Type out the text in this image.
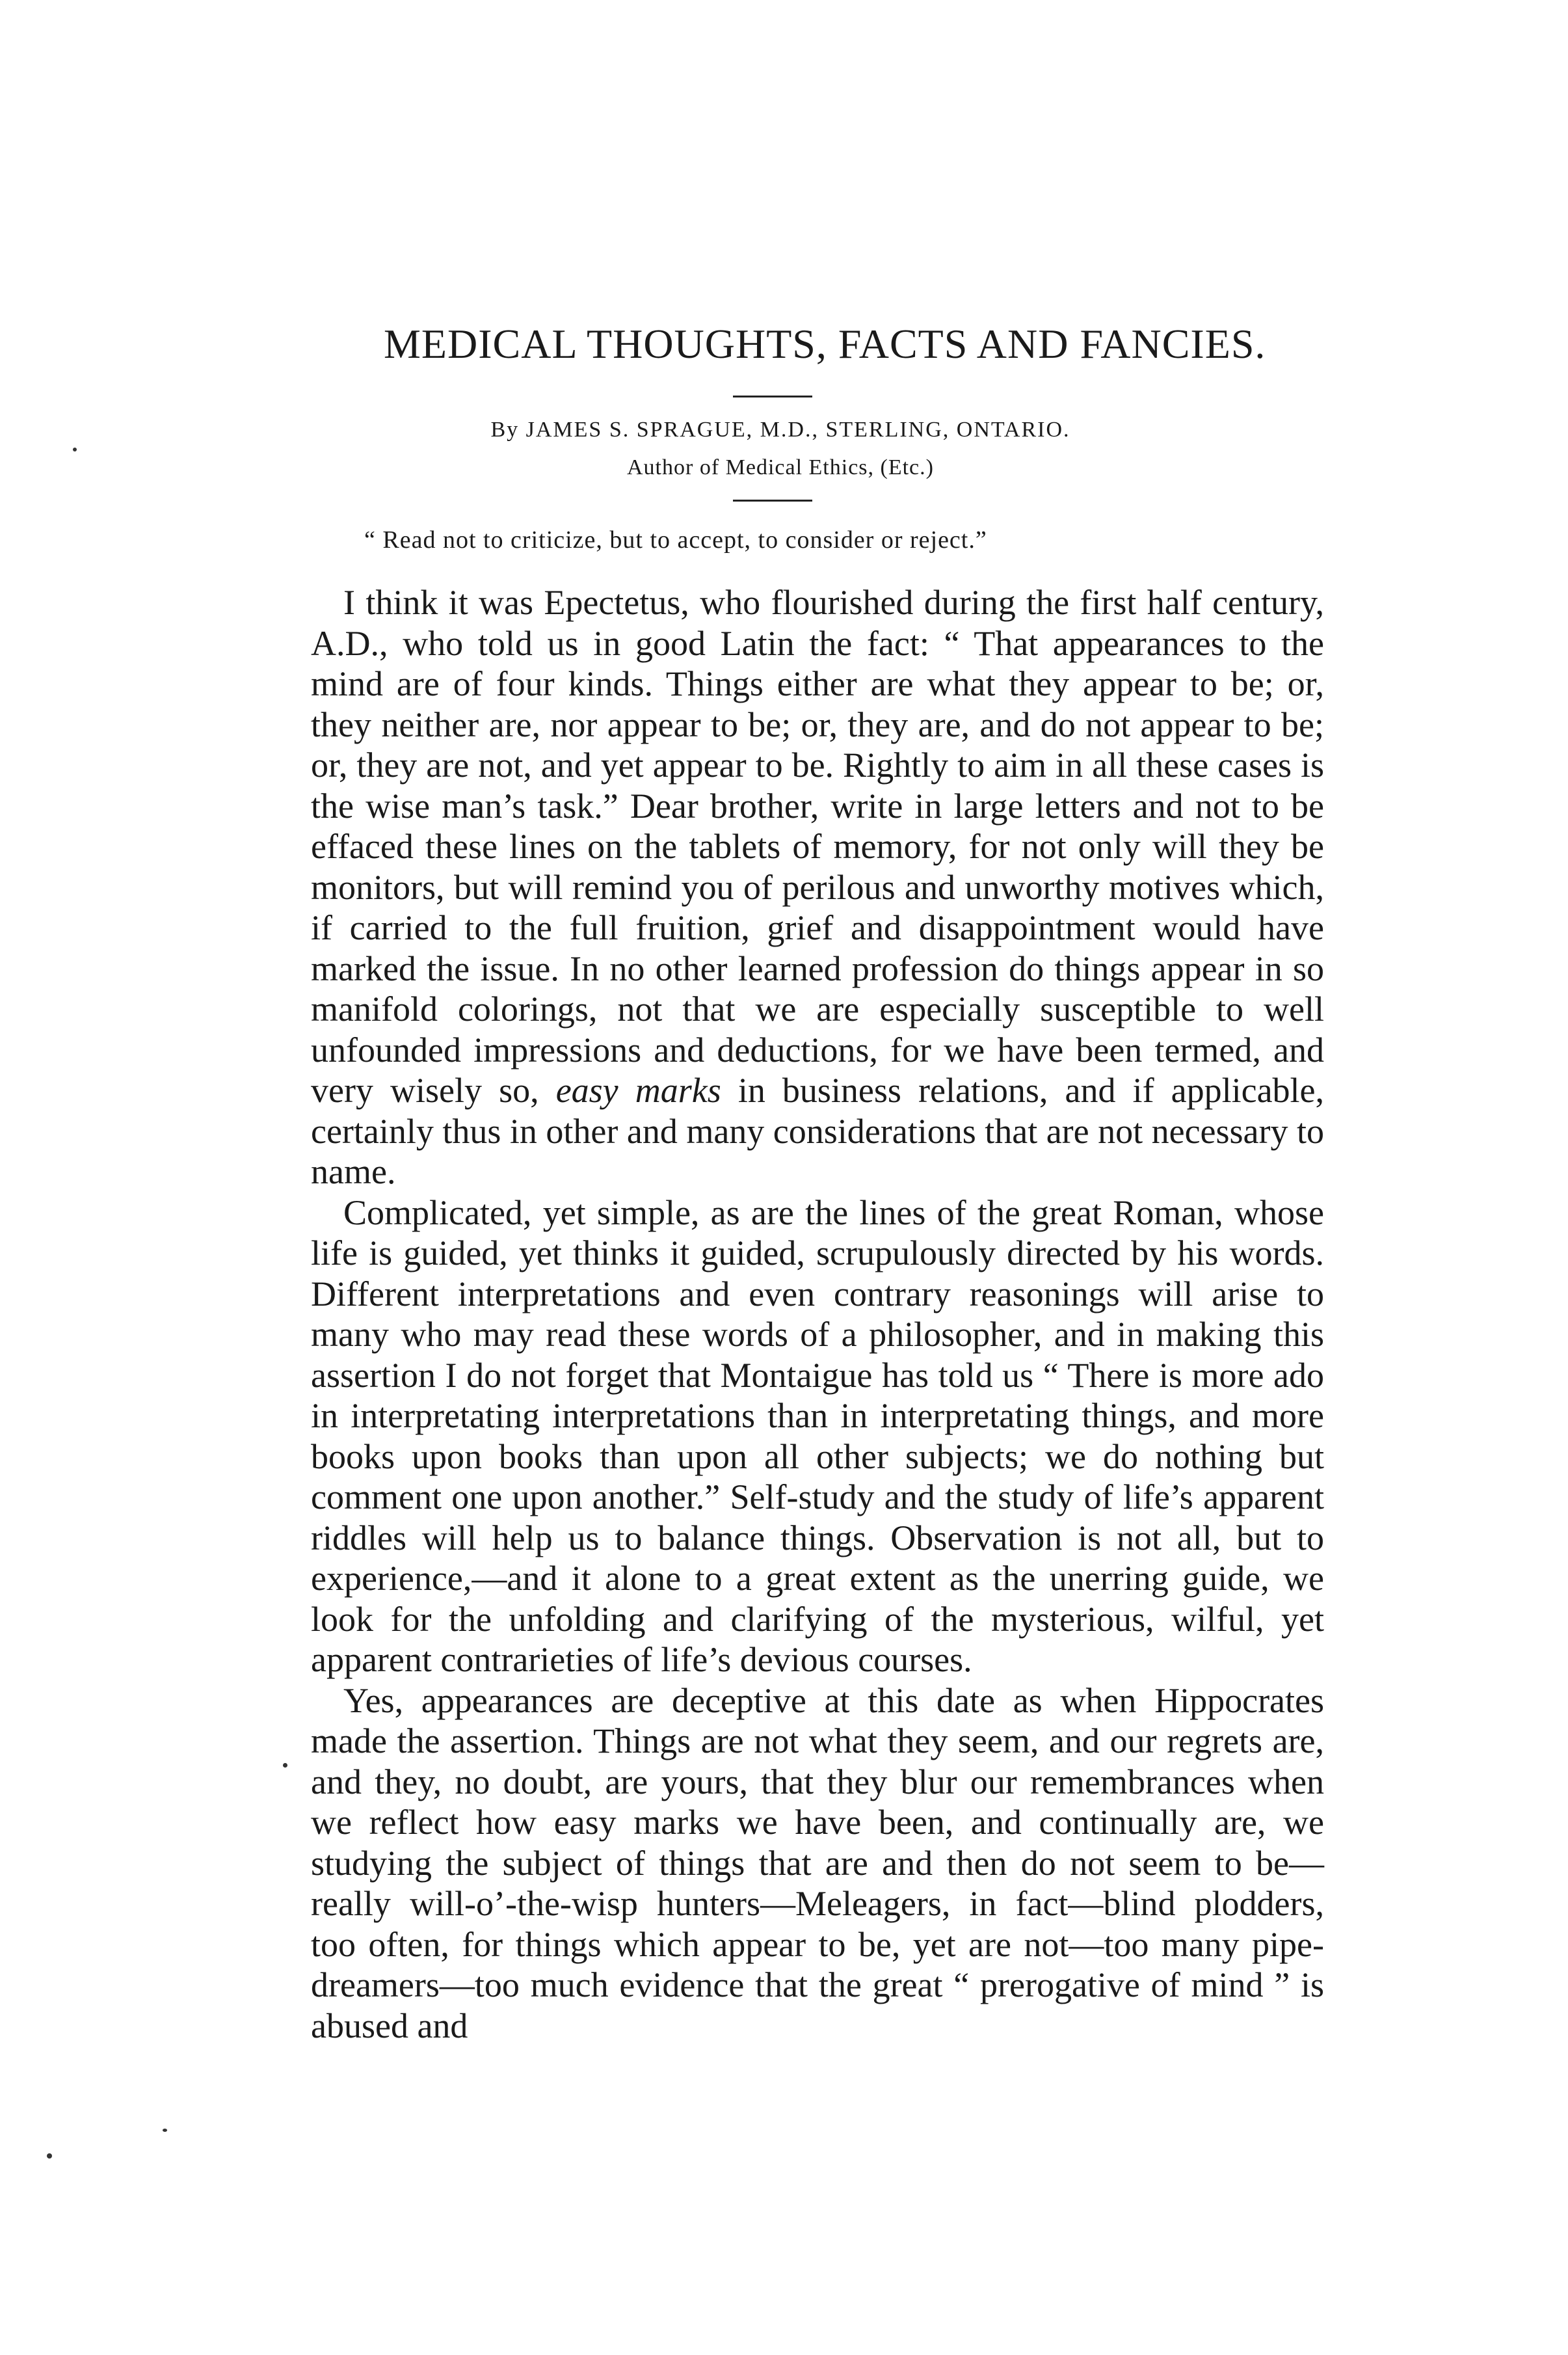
MEDICAL THOUGHTS, FACTS AND FANCIES.
By JAMES S. SPRAGUE, M.D., STERLING, ONTARIO.
Author of Medical Ethics, (Etc.)
“ Read not to criticize, but to accept, to consider or reject.”

I think it was Epectetus, who flourished during the first half century, A.D., who told us in good Latin the fact: “ That appearances to the mind are of four kinds. Things either are what they appear to be; or, they neither are, nor appear to be; or, they are, and do not appear to be; or, they are not, and yet appear to be. Rightly to aim in all these cases is the wise man’s task.” Dear brother, write in large letters and not to be effaced these lines on the tablets of memory, for not only will they be monitors, but will remind you of perilous and unworthy motives which, if carried to the full fruition, grief and disappointment would have marked the issue. In no other learned profession do things appear in so manifold colorings, not that we are especially susceptible to well unfounded impressions and deductions, for we have been termed, and very wisely so, easy marks in business relations, and if applicable, certainly thus in other and many considerations that are not necessary to name.

Complicated, yet simple, as are the lines of the great Roman, whose life is guided, yet thinks it guided, scrupulously directed by his words. Different interpretations and even contrary reasonings will arise to many who may read these words of a philosopher, and in making this assertion I do not forget that Montaigue has told us “ There is more ado in interpretating interpretations than in interpretating things, and more books upon books than upon all other subjects; we do nothing but comment one upon another.” Self-study and the study of life’s apparent riddles will help us to balance things. Observation is not all, but to experience,—and it alone to a great extent as the unerring guide, we look for the unfolding and clarifying of the mysterious, wilful, yet apparent contrarieties of life’s devious courses.

Yes, appearances are deceptive at this date as when Hippocrates made the assertion. Things are not what they seem, and our regrets are, and they, no doubt, are yours, that they blur our remembrances when we reflect how easy marks we have been, and continually are, we studying the subject of things that are and then do not seem to be—really will-o’-the-wisp hunters—Meleagers, in fact—blind plodders, too often, for things which appear to be, yet are not—too many pipe-dreamers—too much evidence that the great “ prerogative of mind ” is abused and
